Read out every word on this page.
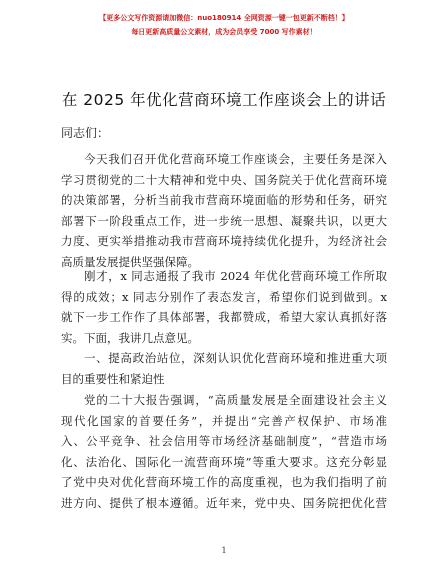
【更多公文写作资源请加微信：nuo180914 全网资源一键一包更新不断档！】
每日更新高质量公文素材，成为会员享受 7000 写作素材！
在 2025 年优化营商环境工作座谈会上的讲话
同志们：
今天我们召开优化营商环境工作座谈会，主要任务是深入
学习贯彻党的二十大精神和党中央、国务院关于优化营商环境
的决策部署，分析当前我市营商环境面临的形势和任务，研究
部署下一阶段重点工作，进一步统一思想、凝聚共识，以更大
力度、更实举措推动我市营商环境持续优化提升，为经济社会
高质量发展提供坚强保障。
刚才，x 同志通报了我市 2024 年优化营商环境工作所取
得的成效；x 同志分别作了表态发言，希望你们说到做到。x
就下一步工作作了具体部署，我都赞成，希望大家认真抓好落
实。下面，我讲几点意见。
一、提高政治站位，深刻认识优化营商环境和推进重大项
目的重要性和紧迫性
党的二十大报告强调，“高质量发展是全面建设社会主义
现代化国家的首要任务”，并提出“完善产权保护、市场准
入、公平竞争、社会信用等市场经济基础制度”，“营造市场
化、法治化、国际化一流营商环境”等重大要求。这充分彰显
了党中央对优化营商环境工作的高度重视，也为我们指明了前
进方向、提供了根本遵循。近年来，党中央、国务院把优化营
1
